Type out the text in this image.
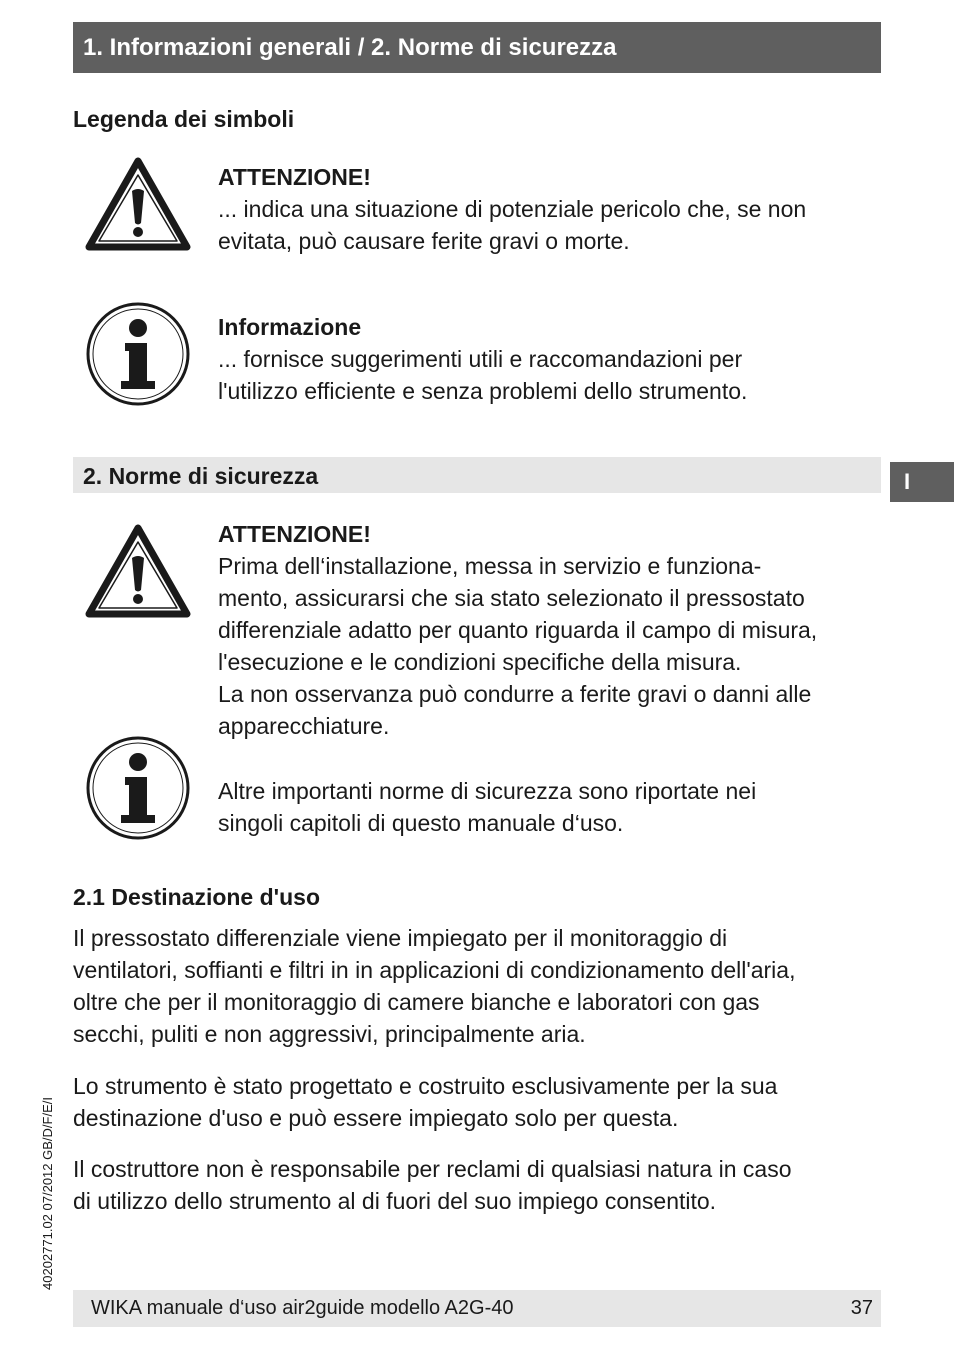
1. Informazioni generali / 2. Norme di sicurezza
Legenda dei simboli
ATTENZIONE!
... indica una situazione di potenziale pericolo che, se non
evitata, può causare ferite gravi o morte.
Informazione
... fornisce suggerimenti utili e raccomandazioni per
l'utilizzo efficiente e senza problemi dello strumento.
2. Norme di sicurezza	I
ATTENZIONE!
Prima dell‘installazione, messa in servizio e funziona-
mento, assicurarsi che sia stato selezionato il pressostato
differenziale adatto per quanto riguarda il campo di misura,
l'esecuzione e le condizioni specifiche della misura.
La non osservanza può condurre a ferite gravi o danni alle
apparecchiature.
Altre importanti norme di sicurezza sono riportate nei
singoli capitoli di questo manuale d‘uso.
2.1 Destinazione d'uso
Il pressostato differenziale viene impiegato per il monitoraggio di
ventilatori, soffianti e filtri in in applicazioni di condizionamento dell'aria,
oltre che per il monitoraggio di camere bianche e laboratori con gas
secchi, puliti e non aggressivi, principalmente aria.
Lo strumento è stato progettato e costruito esclusivamente per la sua
destinazione d'uso e può essere impiegato solo per questa.
Il costruttore non è responsabile per reclami di qualsiasi natura in caso
di utilizzo dello strumento al di fuori del suo impiego consentito.
40202771.02 07/2012 GB/D/F/E/I
WIKA manuale d‘uso air2guide modello A2G-40	37
